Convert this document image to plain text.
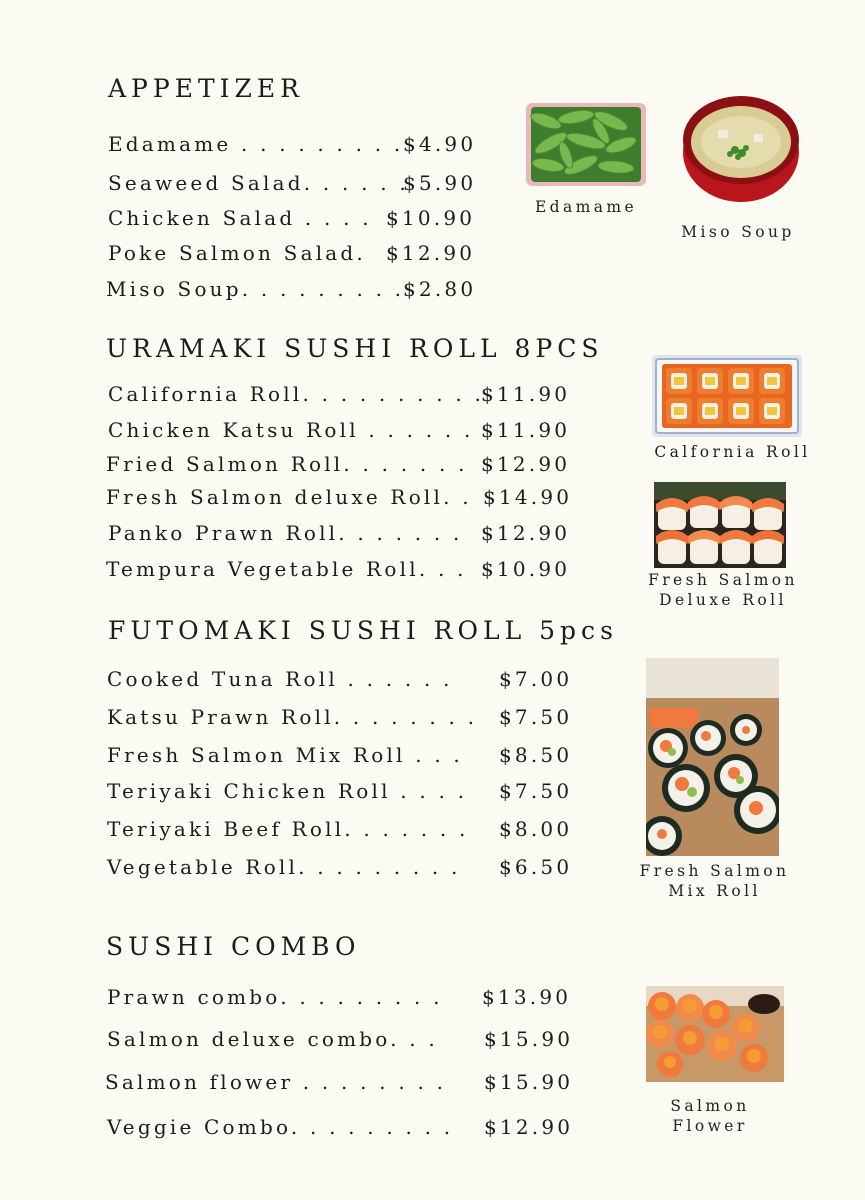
APPETIZER
Edamame . . . . . . . . . $4.90
Seaweed Salad. . . . . .
$5.90
Chicken Salad . . . . $10.90
Poke Salmon Salad. $12.90
Miso Soup. . . . . . . . .
$2.80
Edamame
Miso Soup
URAMAKI SUSHI ROLL 8PCS
California Roll. . . . . . . . . .
$11.90
Chicken Katsu Roll . . . . . . $11.90
Fried Salmon Roll. . . . . . . $12.90
Fresh Salmon deluxe Roll. . $14.90
Panko Prawn Roll. . . . . . . $12.90
Tempura Vegetable Roll. . . $10.90
Calfornia Roll
Fresh Salmon
Deluxe Roll
FUTOMAKI SUSHI ROLL 5pcs
Cooked Tuna Roll . . . . . . $7.00
Katsu Prawn Roll. . . . . . . . $7.50
Fresh Salmon Mix Roll . . . $8.50
Teriyaki Chicken Roll . . . . $7.50
Teriyaki Beef Roll. . . . . . . $8.00
Vegetable Roll. . . . . . . . . $6.50	Fresh Salmon
Mix Roll
SUSHI COMBO
Prawn combo. . . . . . . . . $13.90
Salmon deluxe combo. . . $15.90
Salmon flower . . . . . . . . $15.90
Veggie Combo. . . . . . . . . $12.90
Salmon
Flower
